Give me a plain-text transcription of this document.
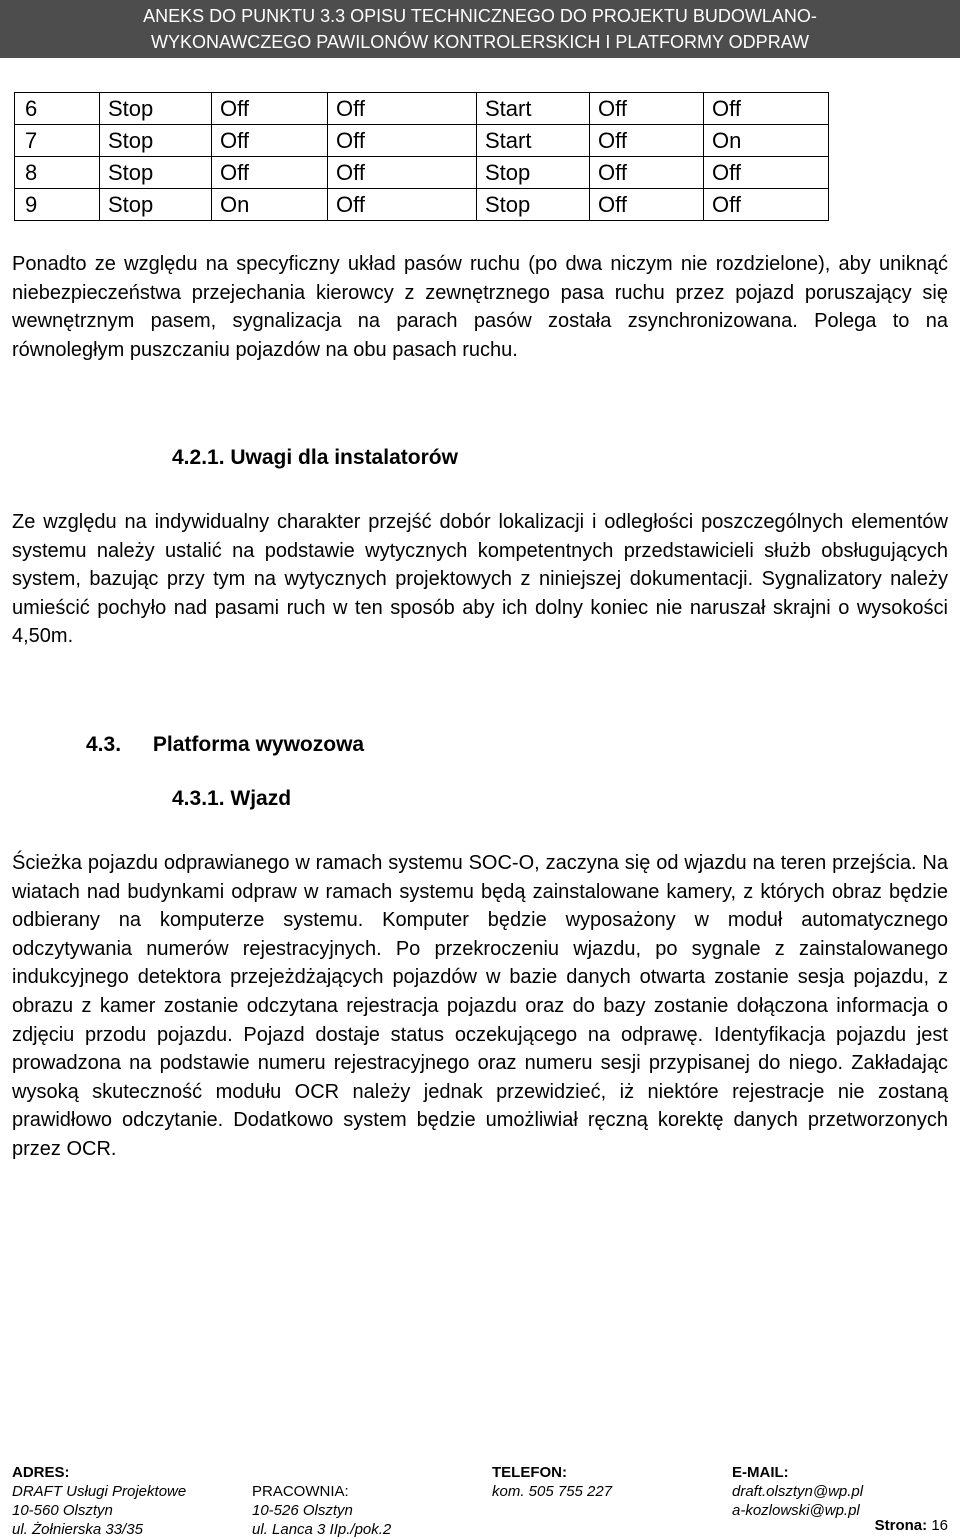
ANEKS DO PUNKTU 3.3 OPISU TECHNICZNEGO DO PROJEKTU BUDOWLANO-
WYKONAWCZEGO PAWILONÓW KONTROLERSKICH I PLATFORMY ODPRAW
6	Stop	Off	Off	Start	Off	Off
7	Stop	Off	Off	Start	Off	On
8	Stop	Off	Off	Stop	Off	Off
9	Stop	On	Off	Stop	Off	Off
Ponadto ze względu na specyficzny układ pasów ruchu (po dwa niczym nie rozdzielone), aby uniknąć niebezpieczeństwa przejechania kierowcy z zewnętrznego pasa ruchu przez pojazd poruszający się wewnętrznym pasem, sygnalizacja na parach pasów została zsynchronizowana. Polega to na równoległym puszczaniu pojazdów na obu pasach ruchu.
4.2.1. Uwagi dla instalatorów
Ze względu na indywidualny charakter przejść dobór lokalizacji i odległości poszczególnych elementów systemu należy ustalić na podstawie wytycznych kompetentnych przedstawicieli służb obsługujących system, bazując przy tym na wytycznych projektowych z niniejszej dokumentacji. Sygnalizatory należy umieścić pochyło nad pasami ruch w ten sposób aby ich dolny koniec nie naruszał skrajni o wysokości 4,50m.
4.3. Platforma wywozowa
4.3.1. Wjazd
Ścieżka pojazdu odprawianego w ramach systemu SOC-O, zaczyna się od wjazdu na teren przejścia. Na wiatach nad budynkami odpraw w ramach systemu będą zainstalowane kamery, z których obraz będzie odbierany na komputerze systemu. Komputer będzie wyposażony w moduł automatycznego odczytywania numerów rejestracyjnych. Po przekroczeniu wjazdu, po sygnale z zainstalowanego indukcyjnego detektora przejeżdżających pojazdów w bazie danych otwarta zostanie sesja pojazdu, z obrazu z kamer zostanie odczytana rejestracja pojazdu oraz do bazy zostanie dołączona informacja o zdjęciu przodu pojazdu. Pojazd dostaje status oczekującego na odprawę. Identyfikacja pojazdu jest prowadzona na podstawie numeru rejestracyjnego oraz numeru sesji przypisanej do niego. Zakładając wysoką skuteczność modułu OCR należy jednak przewidzieć, iż niektóre rejestracje nie zostaną prawidłowo odczytanie. Dodatkowo system będzie umożliwiał ręczną korektę danych przetworzonych przez OCR.
ADRES:
DRAFT Usługi Projektowe
10-560 Olsztyn
ul. Żołnierska 33/35
PRACOWNIA:
10-526 Olsztyn
ul. Lanca 3 IIp./pok.2
TELEFON:
kom. 505 755 227
E-MAIL:
draft.olsztyn@wp.pl
a-kozlowski@wp.pl
Strona: 16
